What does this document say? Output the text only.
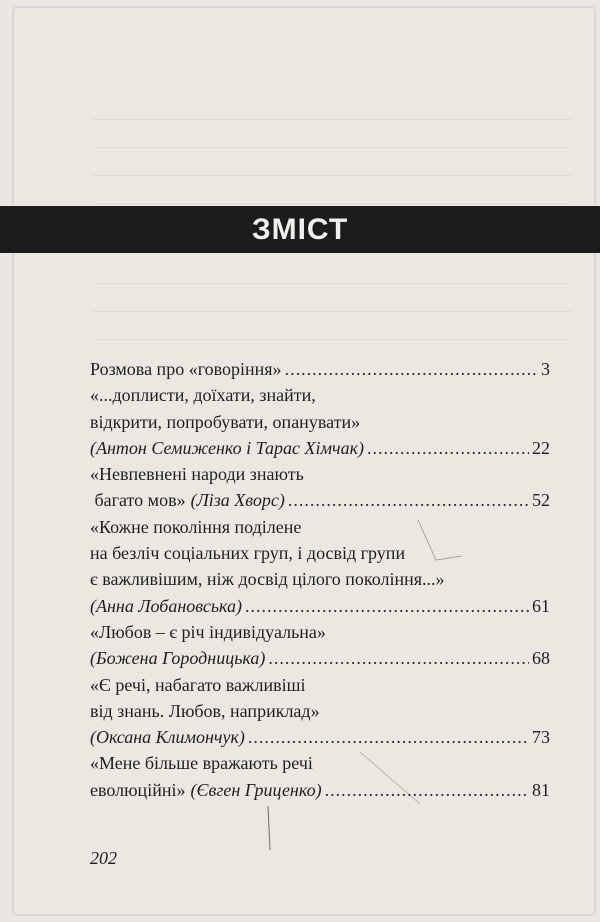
ЗМІСТ
Розмова про «говоріння» .....	3
«...доплисти, доїхати, знайти,
відкрити, попробувати, опанувати»
(Антон Семиженко і Тарас Хімчак) .....	22
«Невпевнені народи знають
багато мов» (Ліза Хворс) .....	52
«Кожне покоління поділене
на безліч соціальних груп, і досвід групи
є важливішим, ніж досвід цілого покоління...»
(Анна Лобановська) .....	61
«Любов – є річ індивідуальна»
(Божена Городницька) .....	68
«Є речі, набагато важливіші
від знань. Любов, наприклад»
(Оксана Климончук) .....	73
«Мене більше вражають речі
еволюційні» (Євген Гриценко) .....	81
202
